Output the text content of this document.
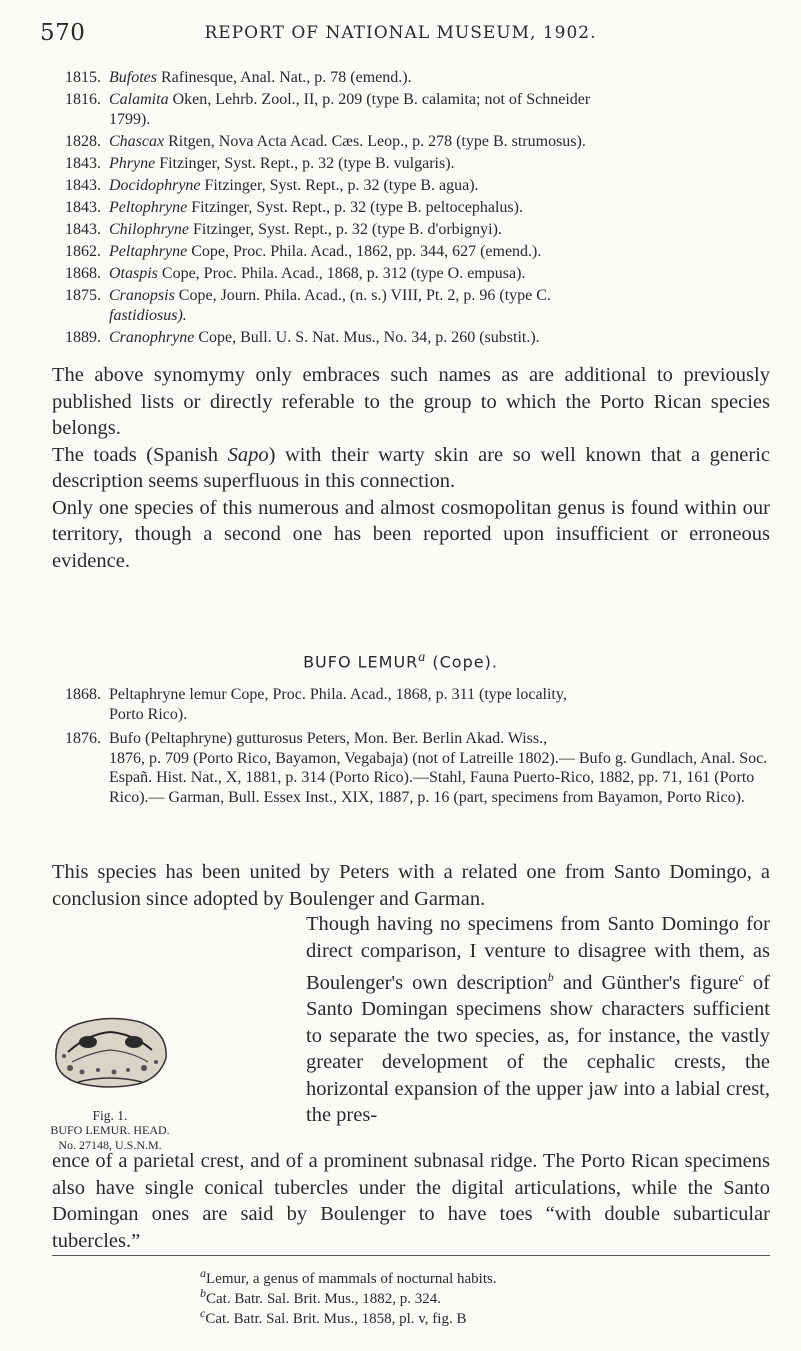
570	REPORT OF NATIONAL MUSEUM, 1902.
1815. Bufotes Rafinesque, Anal. Nat., p. 78 (emend.).
1816. Calamita Oken, Lehrb. Zool., II, p. 209 (type B. calamita; not of Schneider
1799).
1828. Chascax Ritgen, Nova Acta Acad. Cæs. Leop., p. 278 (type B. strumosus).
1843. Phryne Fitzinger, Syst. Rept., p. 32 (type B. vulgaris).
1843. Docidophryne Fitzinger, Syst. Rept., p. 32 (type B. agua).
1843. Peltophryne Fitzinger, Syst. Rept., p. 32 (type B. peltocephalus).
1843. Chilophryne Fitzinger, Syst. Rept., p. 32 (type B. d'orbignyi).
1862. Peltaphryne Cope, Proc. Phila. Acad., 1862, pp. 344, 627 (emend.).
1868. Otaspis Cope, Proc. Phila. Acad., 1868, p. 312 (type O. empusa).
1875. Cranopsis Cope, Journ. Phila. Acad., (n. s.) VIII, Pt. 2, p. 96 (type C.
fastidiosus).
1889. Cranophryne Cope, Bull. U. S. Nat. Mus., No. 34, p. 260 (substit.).
The above synomymy only embraces such names as are additional to previously published lists or directly referable to the group to which the Porto Rican species belongs.
The toads (Spanish Sapo) with their warty skin are so well known that a generic description seems superfluous in this connection.
Only one species of this numerous and almost cosmopolitan genus is found within our territory, though a second one has been reported upon insufficient or erroneous evidence.
BUFO LEMURa (Cope).
1868. Peltaphryne lemur Cope, Proc. Phila. Acad., 1868, p. 311 (type locality,
Porto Rico).
1876. Bufo (Peltaphryne) gutturosus Peters, Mon. Ber. Berlin Akad. Wiss.,
1876, p. 709 (Porto Rico, Bayamon, Vegabaja) (not of Latreille 1802).— Bufo g. Gundlach, Anal. Soc. Españ. Hist. Nat., X, 1881, p. 314 (Porto Rico).—Stahl, Fauna Puerto-Rico, 1882, pp. 71, 161 (Porto Rico).— Garman, Bull. Essex Inst., XIX, 1887, p. 16 (part, specimens from Bayamon, Porto Rico).
This species has been united by Peters with a related one from Santo Domingo, a conclusion since adopted by Boulenger and Garman.
Though having no specimens from Santo Domingo for direct comparison, I venture to disagree with them, as Boulenger's own description$^b$ and Günther's figure$^c$ of Santo Domingan specimens show characters sufficient to separate the two species, as, for instance, the vastly greater development of the cephalic crests, the horizontal expansion of the upper jaw into a labial crest, the pres-
ence of a parietal crest, and of a prominent subnasal ridge. The Porto Rican specimens also have single conical tubercles under the digital articulations, while the Santo Domingan ones are said by Boulenger to have toes “with double subarticular tubercles.”
Fig. 1.
BUFO LEMUR. HEAD.
No. 27148, U.S.N.M.
$^a$Lemur, a genus of mammals of nocturnal habits.
$^b$Cat. Batr. Sal. Brit. Mus., 1882, p. 324.
$^c$Cat. Batr. Sal. Brit. Mus., 1858, pl. v, fig. B
